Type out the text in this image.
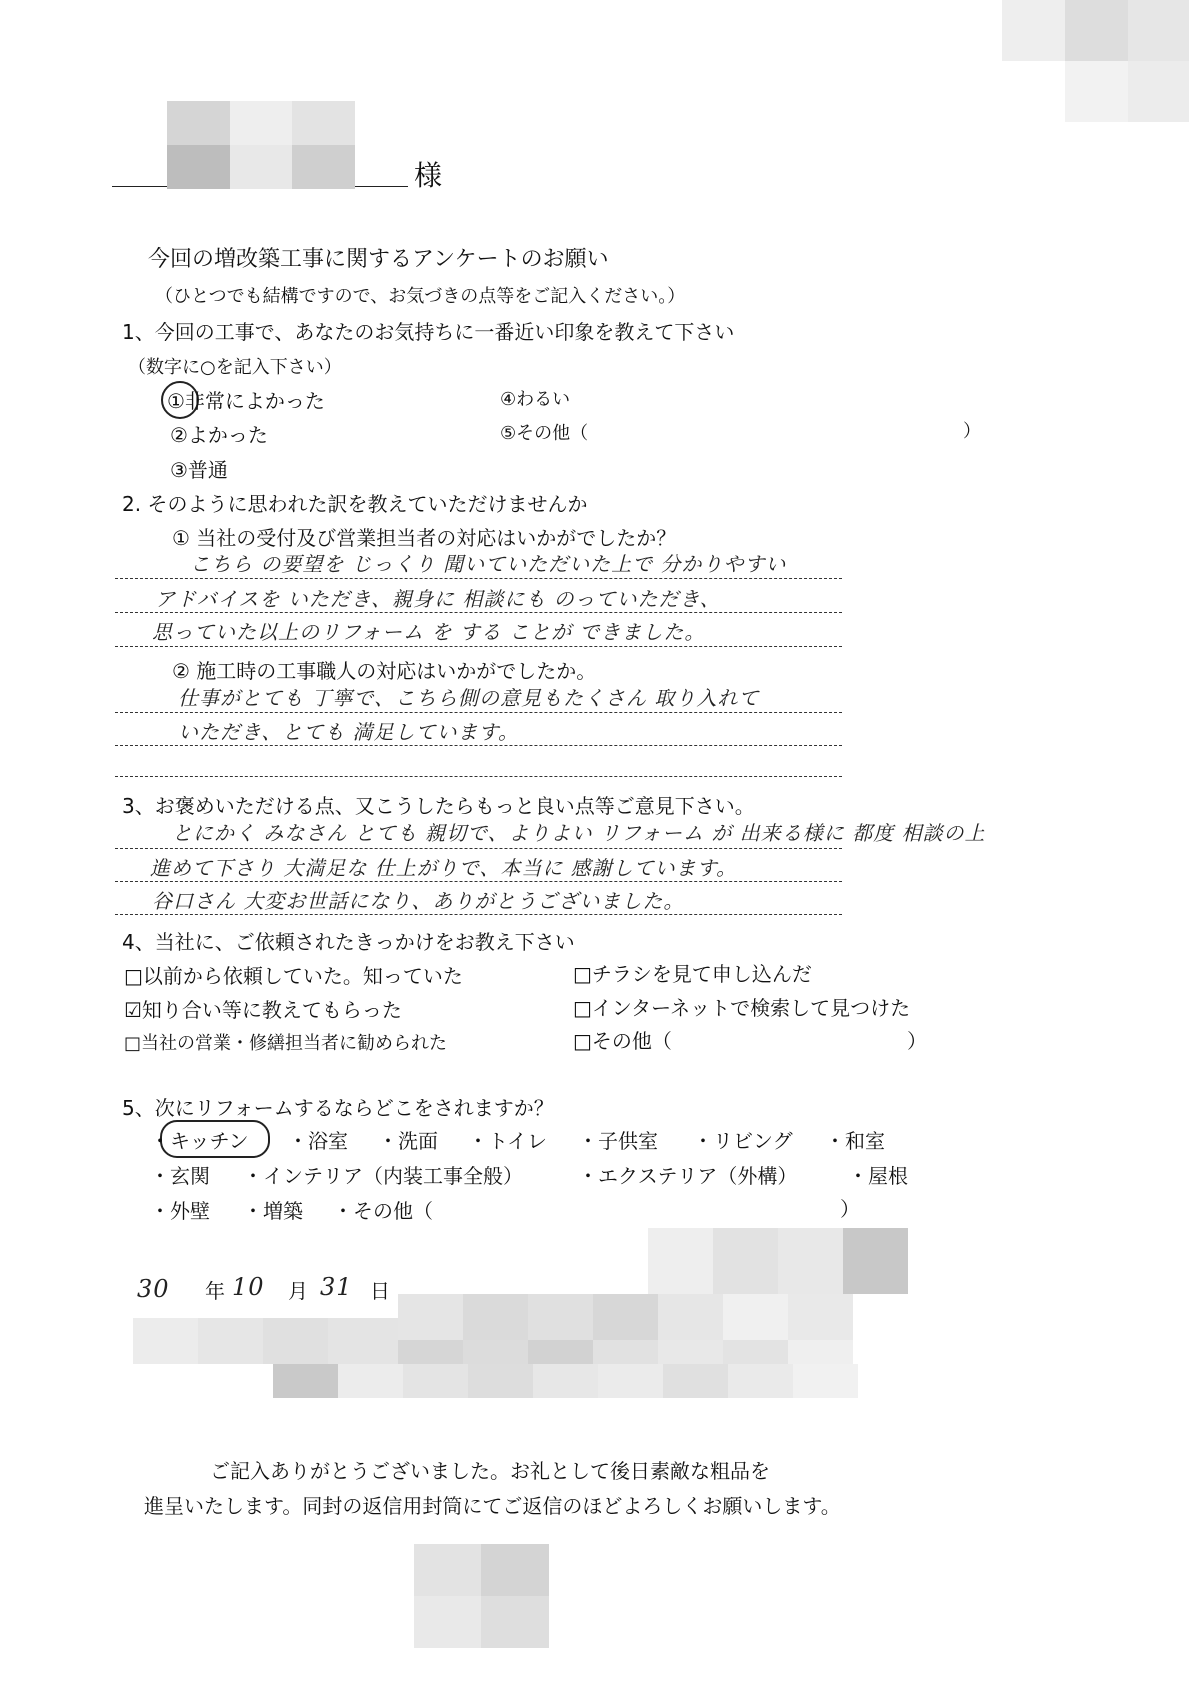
様
今回の増改築工事に関するアンケートのお願い
（ひとつでも結構ですので、お気づきの点等をご記入ください。）
1、今回の工事で、あなたのお気持ちに一番近い印象を教えて下さい
（数字に○を記入下さい）
①非常によかった
②よかった
③普通
④わるい
⑤その他（	）
2. そのように思われた訳を教えていただけませんか
① 当社の受付及び営業担当者の対応はいかがでしたか？
こちら の要望を じっくり 聞いていただいた上で 分かりやすい
アドバイスを いただき、親身に 相談にも のっていただき、
思っていた以上のリフォーム を する ことが できました。
② 施工時の工事職人の対応はいかがでしたか。
仕事がとても 丁寧で、こちら側の意見もたくさん 取り入れて
いただき、とても 満足しています。
3、お褒めいただける点、又こうしたらもっと良い点等ご意見下さい。
とにかく みなさん とても 親切で、よりよい リフォーム が 出来る様に 都度 相談の上
進めて下さり 大満足な 仕上がりで、本当に 感謝しています。
谷口さん 大変お世話になり、ありがとうございました。
4、当社に、ご依頼されたきっかけをお教え下さい
□以前から依頼していた。知っていた	□チラシを見て申し込んだ
☑知り合い等に教えてもらった	□インターネットで検索して見つけた
□当社の営業・修繕担当者に勧められた	□その他（	）
5、次にリフォームするならどこをされますか？
・キッチン ・浴室 ・洗面 ・トイレ ・子供室 ・リビング ・和室
・玄関 ・インテリア（内装工事全般）	・エクステリア（外構）	・屋根
・外壁 ・増築 ・その他（	）
30 年 10 月 31 日
ご記入ありがとうございました。お礼として後日素敵な粗品を
進呈いたします。同封の返信用封筒にてご返信のほどよろしくお願いします。
